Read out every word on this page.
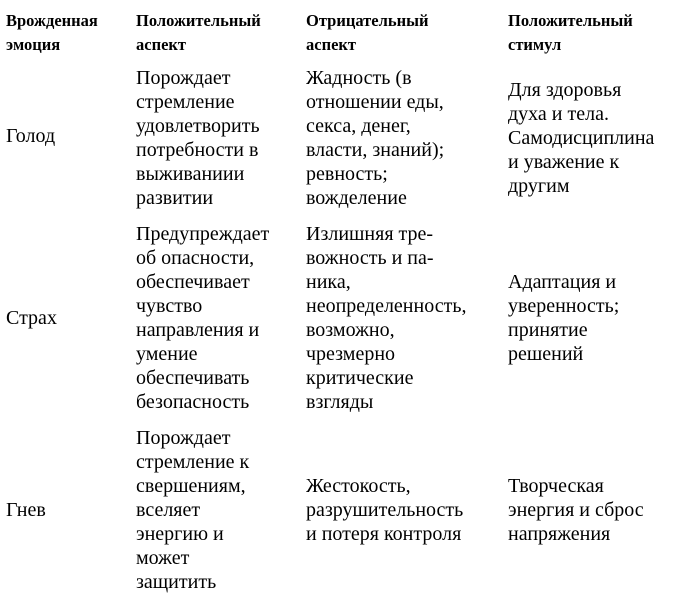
Врожденная
эмоция
Положительный
аспект
Отрицательный
аспект
Положительный
стимул
Голод
Порождает
стремление
удовлетворить
потребности в
выживаниии
развитии
Жадность (в
отношении еды,
секса, денег,
власти, знаний);
ревность;
вожделение
Для здоровья
духа и тела.
Самодисциплина
и уважение к
другим
Страх
Предупреждает
об опасности,
обеспечивает
чувство
направления и
умение
обеспечивать
безопасность
Излишняя тре-
вожность и па-
ника,
неопределенность,
возможно,
чрезмерно
критические
взгляды
Адаптация и
уверенность;
принятие
решений
Гнев
Порождает
стремление к
свершениям,
вселяет
энергию и
может
защитить
Жестокость,
разрушительность
и потеря контроля
Творческая
энергия и сброс
напряжения
